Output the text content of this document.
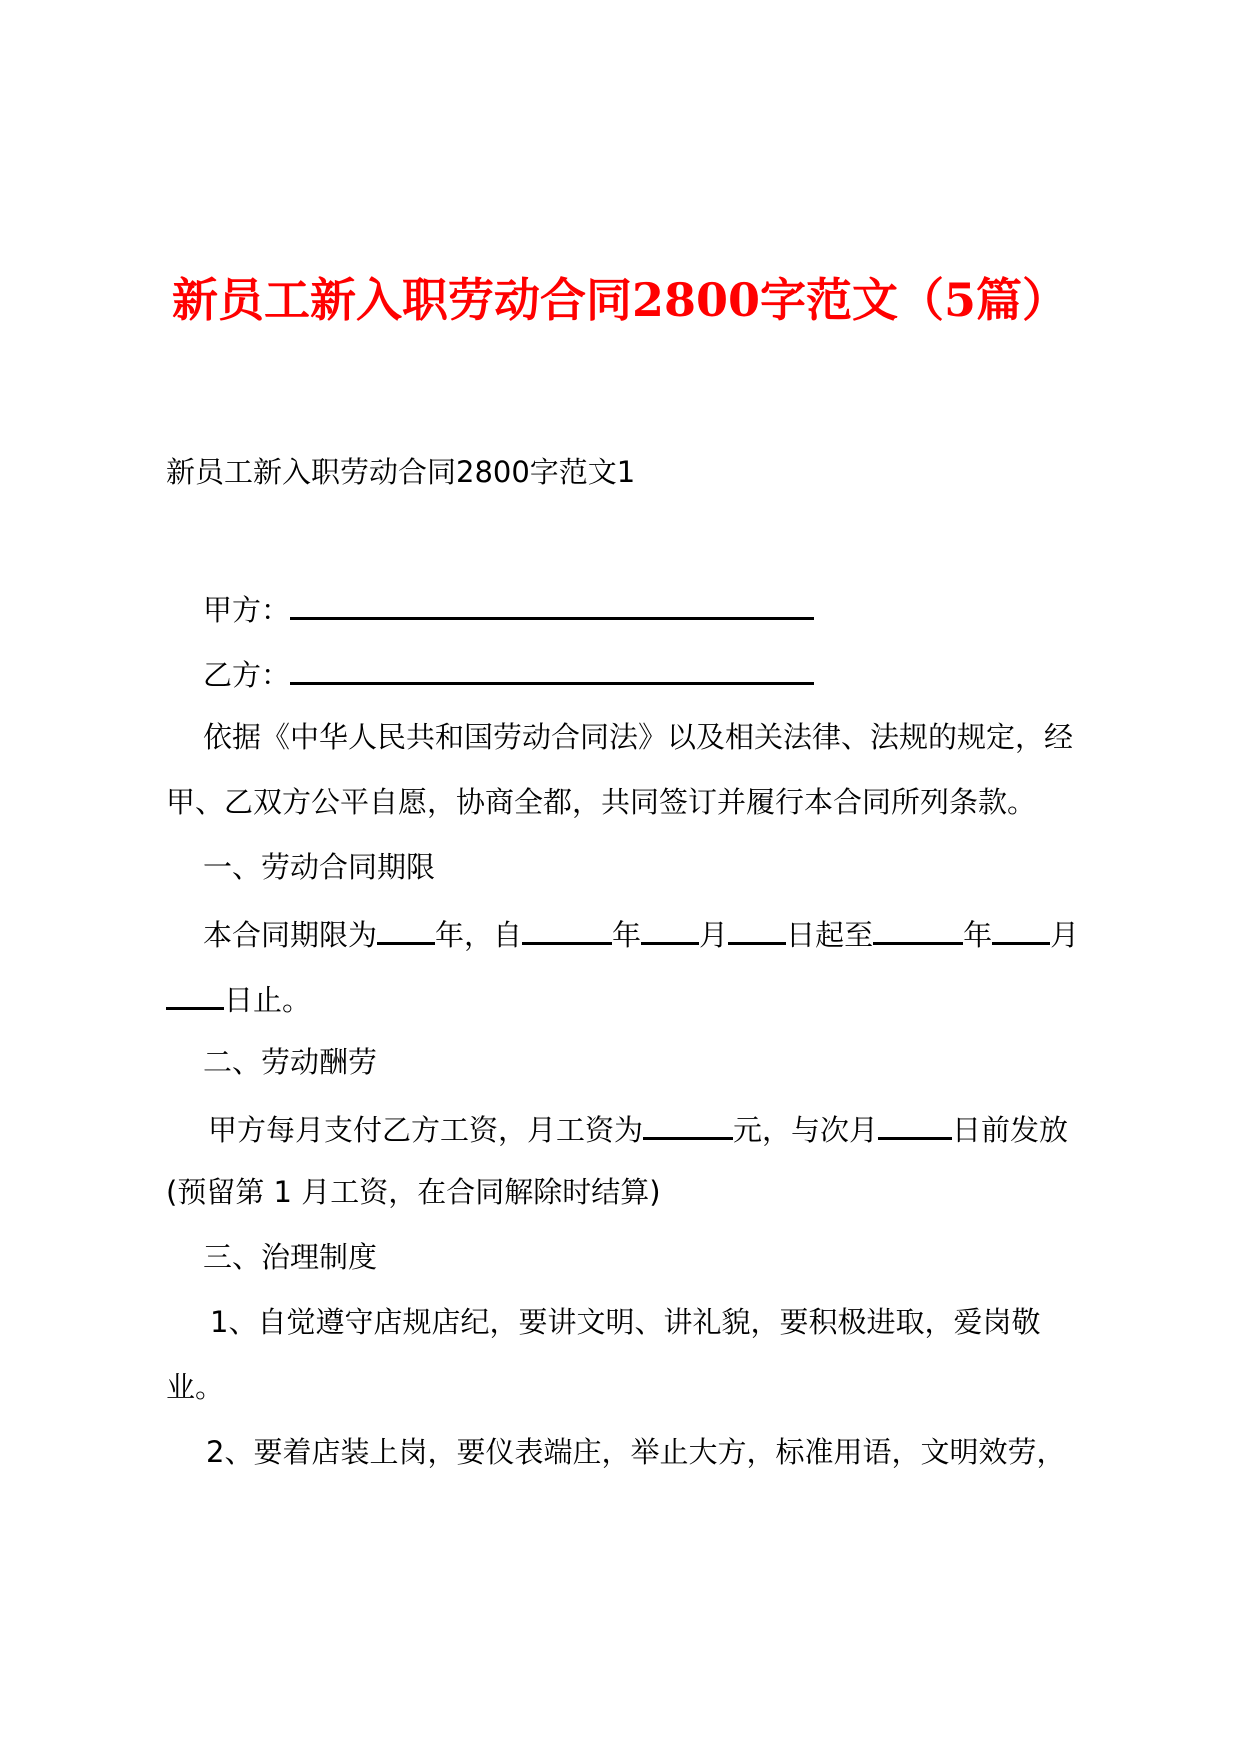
新员工新入职劳动合同2800字范文（5篇）
新员工新入职劳动合同2800字范文1
甲方：
乙方：
依据《中华人民共和国劳动合同法》以及相关法律、法规的规定，经
甲、乙双方公平自愿，协商全都，共同签订并履行本合同所列条款。
一、劳动合同期限
本合同期限为 年，自	年 月 日起至	年 月
日止。
二、劳动酬劳
甲方每月支付乙方工资，月工资为	元，与次月	日前发放
(预留第 1 月工资，在合同解除时结算)
三、治理制度
1、自觉遵守店规店纪，要讲文明、讲礼貌，要积极进取，爱岗敬
业。
2、要着店装上岗，要仪表端庄，举止大方，标准用语，文明效劳，
